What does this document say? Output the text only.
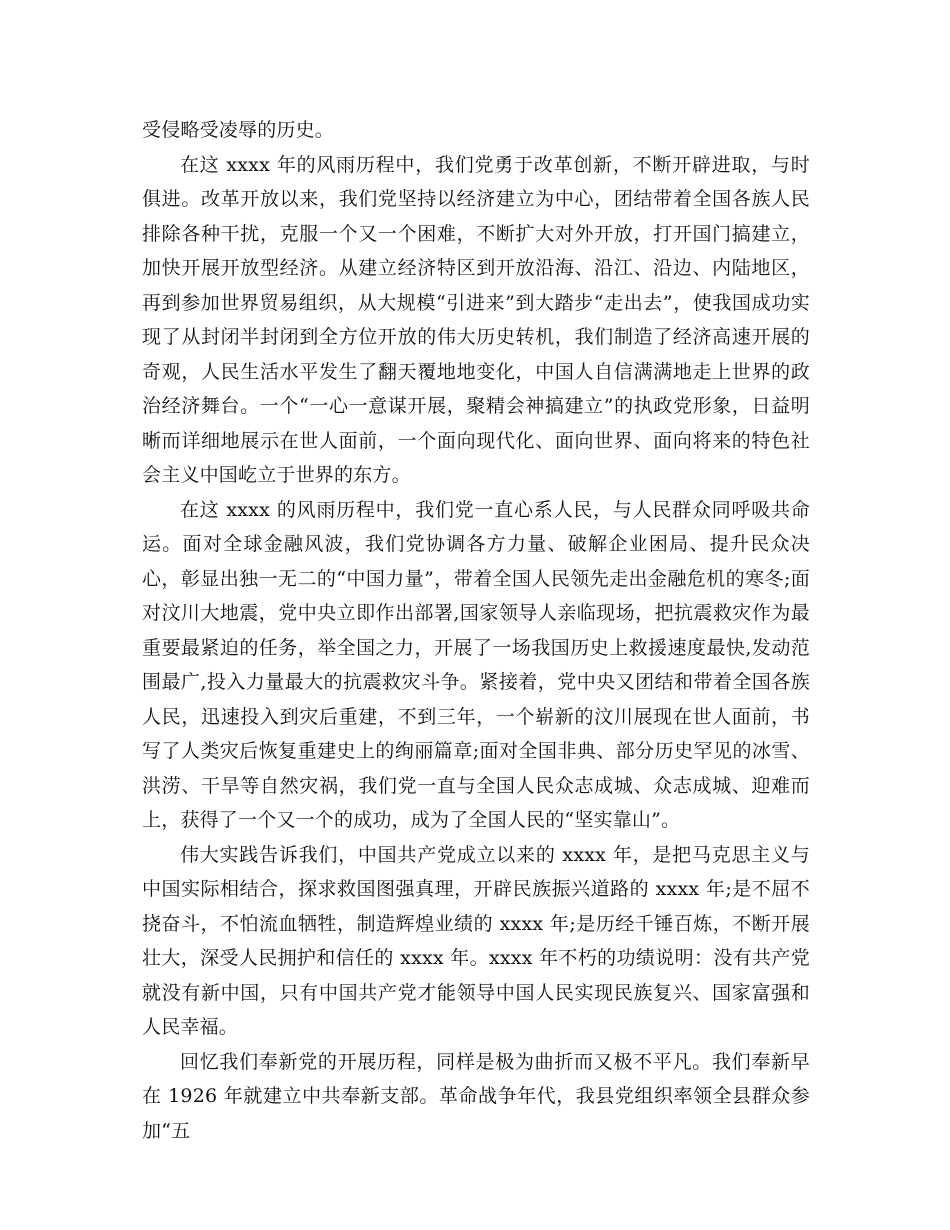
受侵略受凌辱的历史。

在这 xxxx 年的风雨历程中，我们党勇于改革创新，不断开辟进取，与时俱进。改革开放以来，我们党坚持以经济建立为中心，团结带着全国各族人民排除各种干扰，克服一个又一个困难，不断扩大对外开放，打开国门搞建立，加快开展开放型经济。从建立经济特区到开放沿海、沿江、沿边、内陆地区，再到参加世界贸易组织，从大规模“引进来”到大踏步“走出去”，使我国成功实现了从封闭半封闭到全方位开放的伟大历史转机，我们制造了经济高速开展的奇观，人民生活水平发生了翻天覆地地变化，中国人自信满满地走上世界的政治经济舞台。一个“一心一意谋开展，聚精会神搞建立”的执政党形象，日益明晰而详细地展示在世人面前，一个面向现代化、面向世界、面向将来的特色社会主义中国屹立于世界的东方。

在这 xxxx 的风雨历程中，我们党一直心系人民，与人民群众同呼吸共命运。面对全球金融风波，我们党协调各方力量、破解企业困局、提升民众决心，彰显出独一无二的“中国力量”，带着全国人民领先走出金融危机的寒冬;面对汶川大地震，党中央立即作出部署,国家领导人亲临现场，把抗震救灾作为最重要最紧迫的任务，举全国之力，开展了一场我国历史上救援速度最快,发动范围最广,投入力量最大的抗震救灾斗争。紧接着，党中央又团结和带着全国各族人民，迅速投入到灾后重建，不到三年，一个崭新的汶川展现在世人面前，书写了人类灾后恢复重建史上的绚丽篇章;面对全国非典、部分历史罕见的冰雪、洪涝、干旱等自然灾祸，我们党一直与全国人民众志成城、众志成城、迎难而上，获得了一个又一个的成功，成为了全国人民的“坚实靠山”。

伟大实践告诉我们，中国共产党成立以来的 xxxx 年，是把马克思主义与中国实际相结合，探求救国图强真理，开辟民族振兴道路的 xxxx 年;是不屈不挠奋斗，不怕流血牺牲，制造辉煌业绩的 xxxx 年;是历经千锤百炼，不断开展壮大，深受人民拥护和信任的 xxxx 年。xxxx 年不朽的功绩说明：没有共产党就没有新中国，只有中国共产党才能领导中国人民实现民族复兴、国家富强和人民幸福。

回忆我们奉新党的开展历程，同样是极为曲折而又极不平凡。我们奉新早在 1926 年就建立中共奉新支部。革命战争年代，我县党组织率领全县群众参加“五
